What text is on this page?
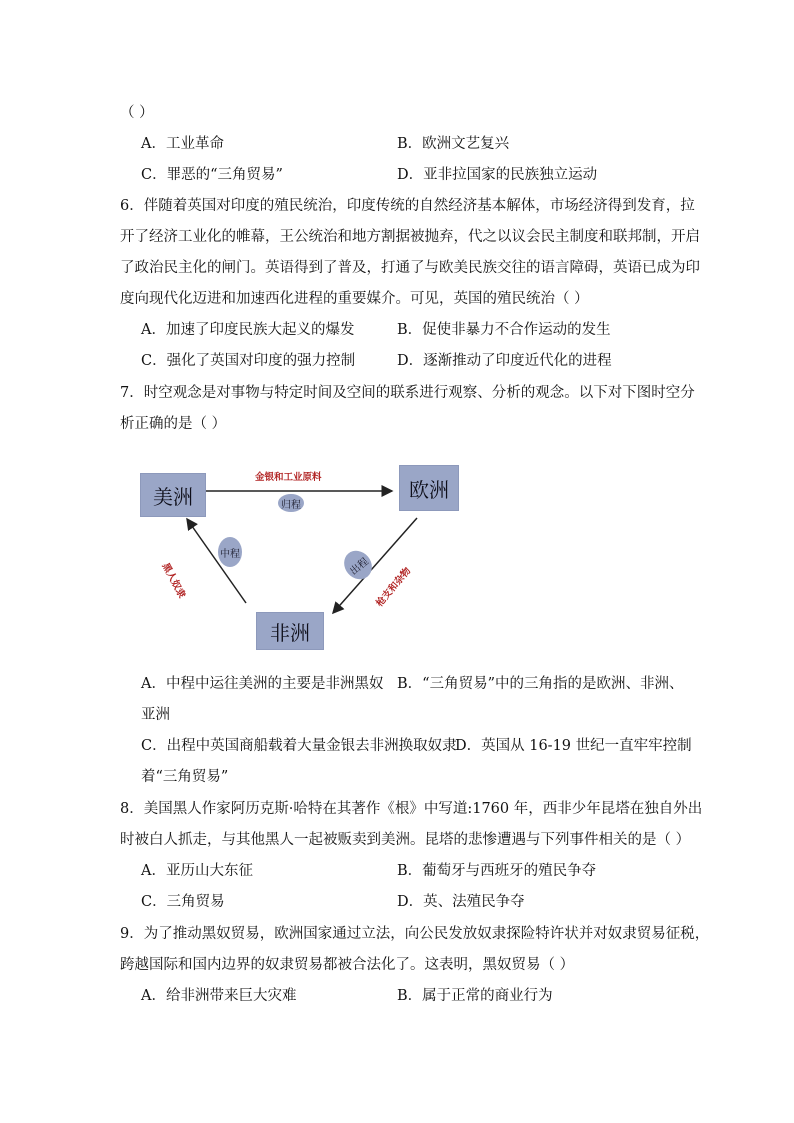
（ ）
A．工业革命	B．欧洲文艺复兴
C．罪恶的“三角贸易”	D．亚非拉国家的民族独立运动
6．伴随着英国对印度的殖民统治，印度传统的自然经济基本解体，市场经济得到发育，拉
开了经济工业化的帷幕，王公统治和地方割据被抛弃，代之以议会民主制度和联邦制，开启
了政治民主化的闸门。英语得到了普及，打通了与欧美民族交往的语言障碍，英语已成为印
度向现代化迈进和加速西化进程的重要媒介。可见，英国的殖民统治（ ）
A．加速了印度民族大起义的爆发	B．促使非暴力不合作运动的发生
C．强化了英国对印度的强力控制	D．逐渐推动了印度近代化的进程
7．时空观念是对事物与特定时间及空间的联系进行观察、分析的观念。以下对下图时空分
析正确的是（ ）
美洲	欧洲
非洲
金银和工业原料
归程
中程
出程
黑人奴隶	枪支和杂物
A．中程中运往美洲的主要是非洲黑奴 B．“三角贸易”中的三角指的是欧洲、非洲、
亚洲
C．出程中英国商船载着大量金银去非洲换取奴隶
D．英国从 16-19 世纪一直牢牢控制
着“三角贸易”
8．美国黑人作家阿历克斯·哈特在其著作《根》中写道:1760 年，西非少年昆塔在独自外出
时被白人抓走，与其他黑人一起被贩卖到美洲。昆塔的悲惨遭遇与下列事件相关的是（ ）
A．亚历山大东征	B．葡萄牙与西班牙的殖民争夺
C．三角贸易	D．英、法殖民争夺
9．为了推动黑奴贸易，欧洲国家通过立法，向公民发放奴隶探险特许状并对奴隶贸易征税，
跨越国际和国内边界的奴隶贸易都被合法化了。这表明，黑奴贸易（ ）
A．给非洲带来巨大灾难	B．属于正常的商业行为
